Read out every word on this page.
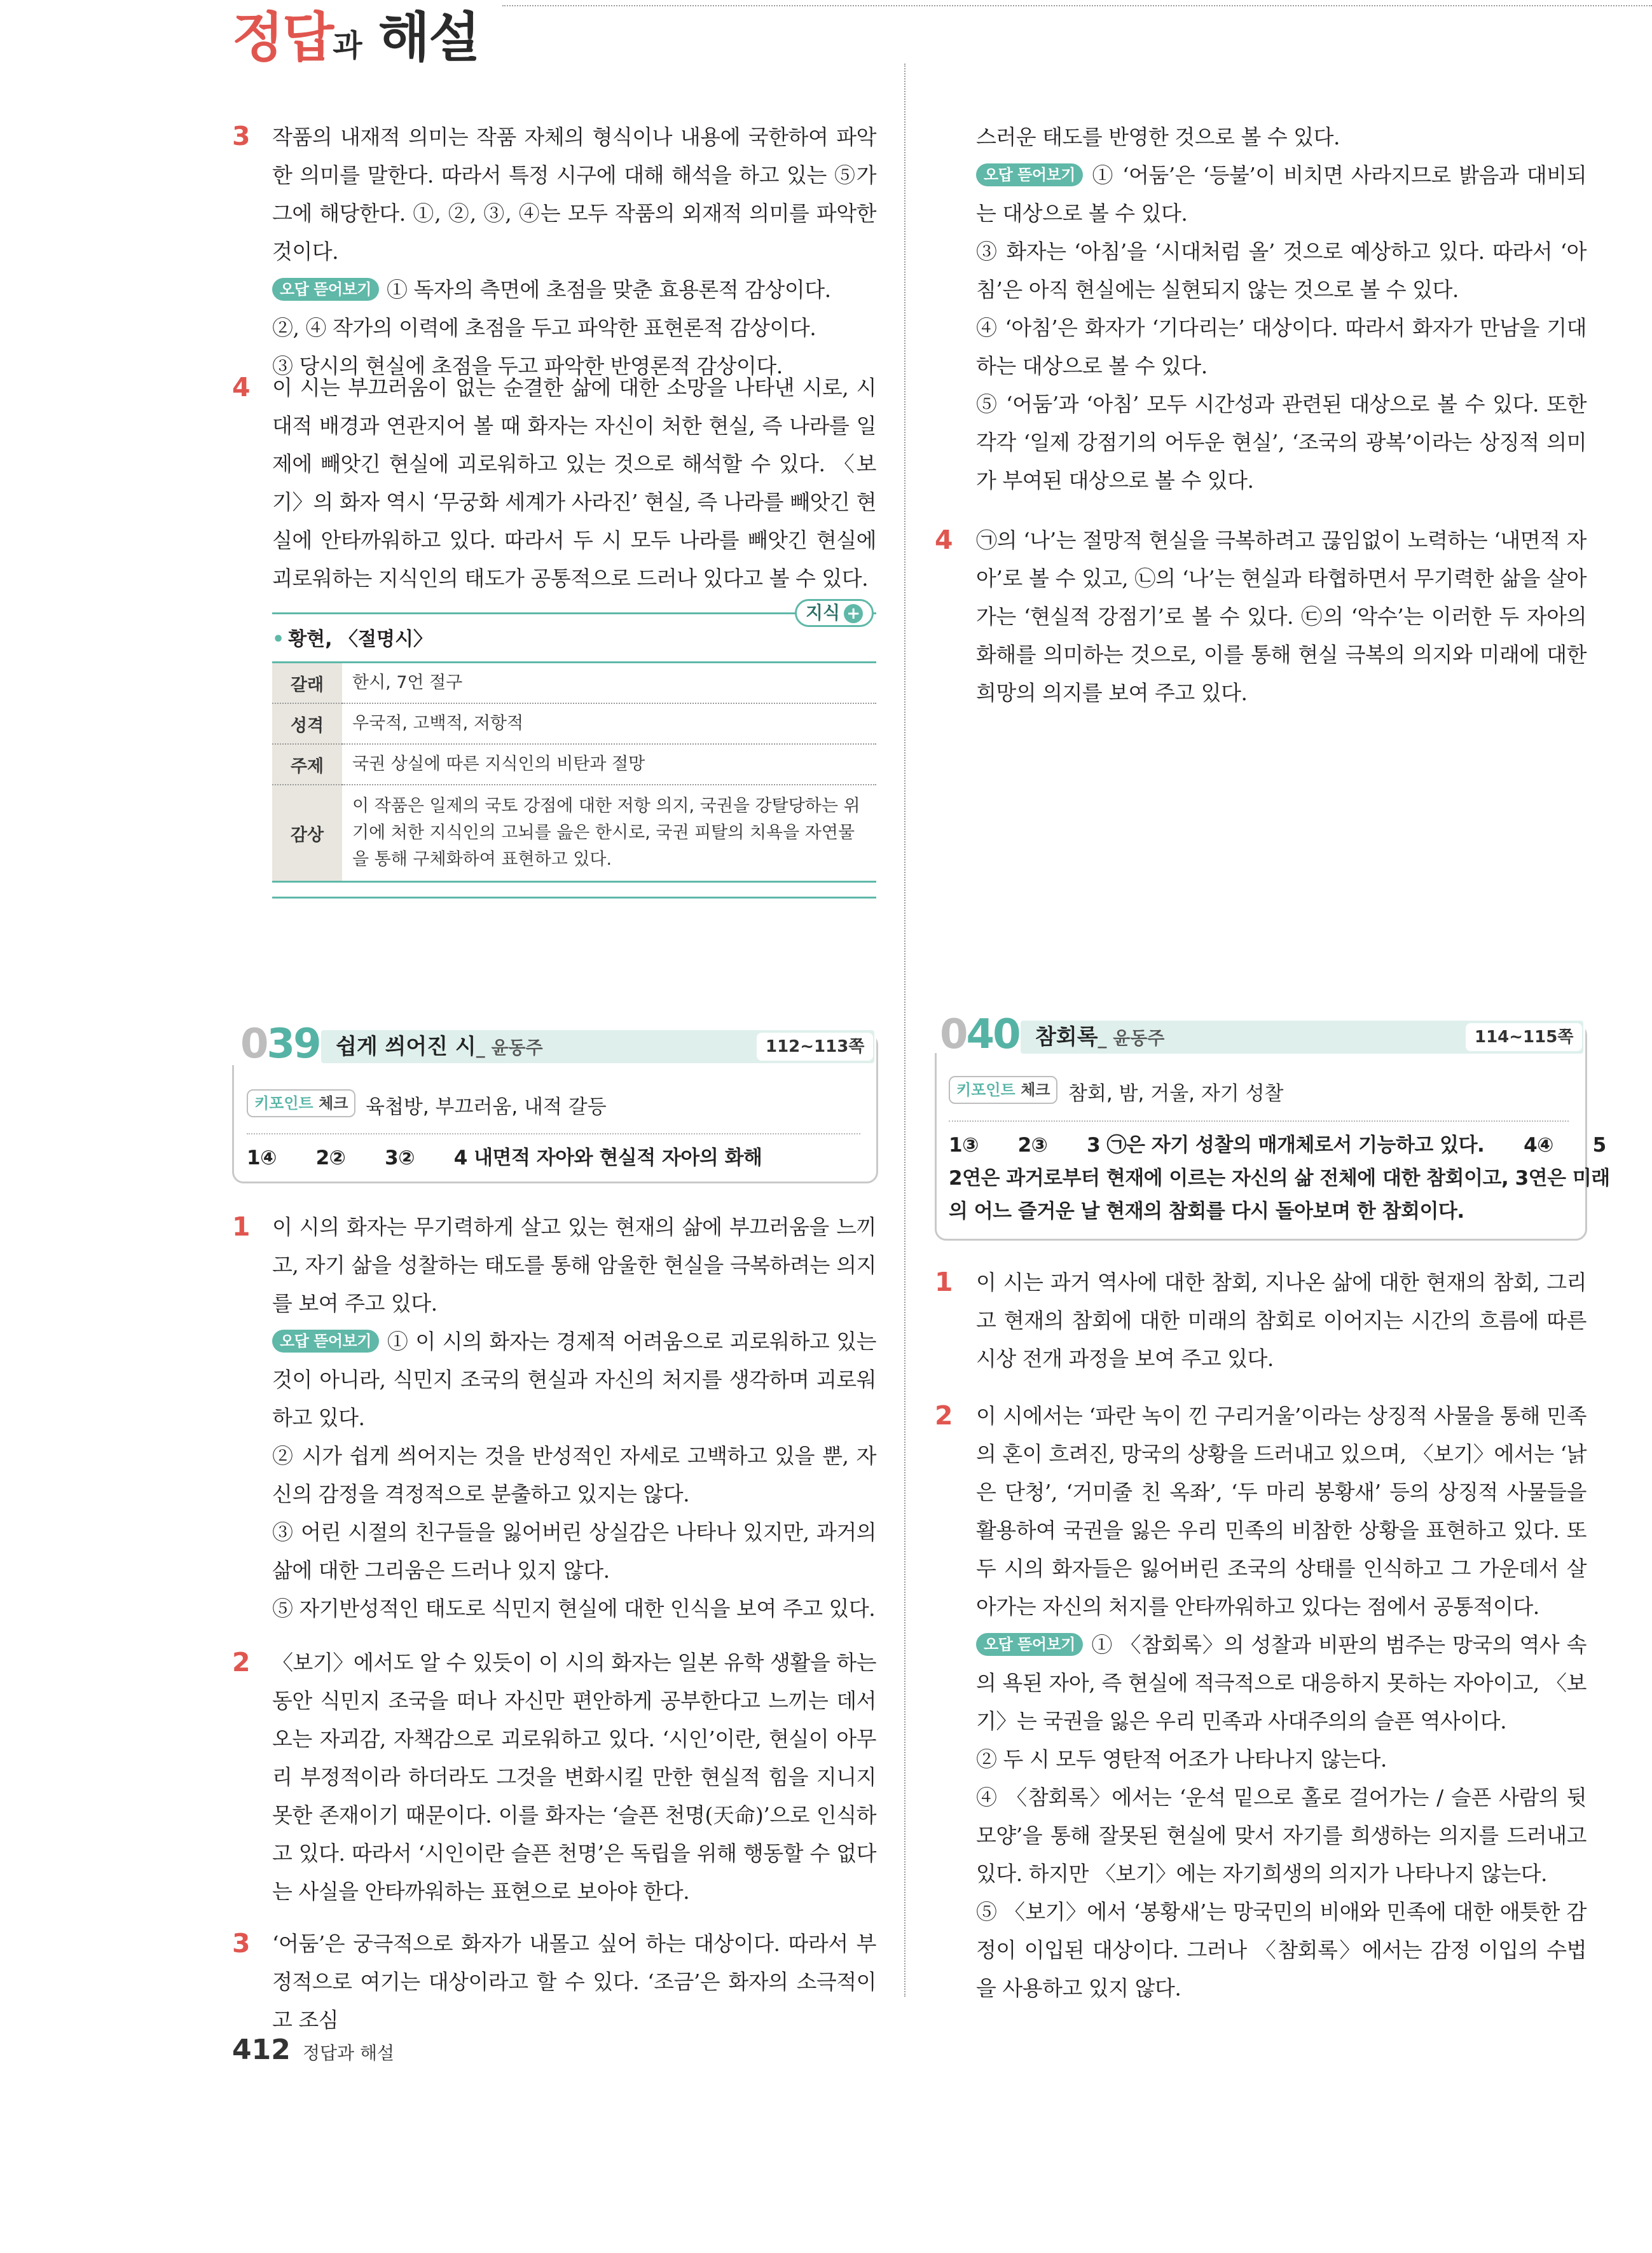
정답과 해설
3 작품의 내재적 의미는 작품 자체의 형식이나 내용에 국한하여 파악한 의미를 말한다. 따라서 특정 시구에 대해 해석을 하고 있는 ⑤가 그에 해당한다. ①, ②, ③, ④는 모두 작품의 외재적 의미를 파악한 것이다.

오답 뜯어보기 ① 독자의 측면에 초점을 맞춘 효용론적 감상이다.

②, ④ 작가의 이력에 초점을 두고 파악한 표현론적 감상이다.

③ 당시의 현실에 초점을 두고 파악한 반영론적 감상이다.

4 이 시는 부끄러움이 없는 순결한 삶에 대한 소망을 나타낸 시로, 시대적 배경과 연관지어 볼 때 화자는 자신이 처한 현실, 즉 나라를 일제에 빼앗긴 현실에 괴로워하고 있는 것으로 해석할 수 있다. 〈보기〉의 화자 역시 ‘무궁화 세계가 사라진’ 현실, 즉 나라를 빼앗긴 현실에 안타까워하고 있다. 따라서 두 시 모두 나라를 빼앗긴 현실에 괴로워하는 지식인의 태도가 공통적으로 드러나 있다고 볼 수 있다.

지식 +
• 황현, 〈절명시〉
갈래	한시, 7언 절구
성격	우국적, 고백적, 저항적
주제	국권 상실에 따른 지식인의 비탄과 절망
감상	이 작품은 일제의 국토 강점에 대한 저항 의지, 국권을 강탈당하는 위기에 처한 지식인의 고뇌를 읊은 한시로, 국권 피탈의 치욕을 자연물을 통해 구체화하여 표현하고 있다.

스러운 태도를 반영한 것으로 볼 수 있다.

오답 뜯어보기 ① ‘어둠’은 ‘등불’이 비치면 사라지므로 밝음과 대비되는 대상으로 볼 수 있다.

③ 화자는 ‘아침’을 ‘시대처럼 올’ 것으로 예상하고 있다. 따라서 ‘아침’은 아직 현실에는 실현되지 않는 것으로 볼 수 있다.

④ ‘아침’은 화자가 ‘기다리는’ 대상이다. 따라서 화자가 만남을 기대하는 대상으로 볼 수 있다.

⑤ ‘어둠’과 ‘아침’ 모두 시간성과 관련된 대상으로 볼 수 있다. 또한 각각 ‘일제 강점기의 어두운 현실’, ‘조국의 광복’이라는 상징적 의미가 부여된 대상으로 볼 수 있다.

4 ㉠의 ‘나’는 절망적 현실을 극복하려고 끊임없이 노력하는 ‘내면적 자아’로 볼 수 있고, ㉡의 ‘나’는 현실과 타협하면서 무기력한 삶을 살아가는 ‘현실적 강점기’로 볼 수 있다. ㉢의 ‘악수’는 이러한 두 자아의 화해를 의미하는 것으로, 이를 통해 현실 극복의 의지와 미래에 대한 희망의 의지를 보여 주고 있다.

039 쉽게 씌어진 시_ 윤동주	112~113쪽
키포인트 체크 육첩방, 부끄러움, 내적 갈등
1④      2②      3②      4 내면적 자아와 현실적 자아의 화해
1 이 시의 화자는 무기력하게 살고 있는 현재의 삶에 부끄러움을 느끼고, 자기 삶을 성찰하는 태도를 통해 암울한 현실을 극복하려는 의지를 보여 주고 있다.

오답 뜯어보기 ① 이 시의 화자는 경제적 어려움으로 괴로워하고 있는 것이 아니라, 식민지 조국의 현실과 자신의 처지를 생각하며 괴로워하고 있다.

② 시가 쉽게 씌어지는 것을 반성적인 자세로 고백하고 있을 뿐, 자신의 감정을 격정적으로 분출하고 있지는 않다.

③ 어린 시절의 친구들을 잃어버린 상실감은 나타나 있지만, 과거의 삶에 대한 그리움은 드러나 있지 않다.

⑤ 자기반성적인 태도로 식민지 현실에 대한 인식을 보여 주고 있다.

2 〈보기〉에서도 알 수 있듯이 이 시의 화자는 일본 유학 생활을 하는 동안 식민지 조국을 떠나 자신만 편안하게 공부한다고 느끼는 데서 오는 자괴감, 자책감으로 괴로워하고 있다. ‘시인’이란, 현실이 아무리 부정적이라 하더라도 그것을 변화시킬 만한 현실적 힘을 지니지 못한 존재이기 때문이다. 이를 화자는 ‘슬픈 천명(天命)’으로 인식하고 있다. 따라서 ‘시인이란 슬픈 천명’은 독립을 위해 행동할 수 없다는 사실을 안타까워하는 표현으로 보아야 한다.

3 ‘어둠’은 궁극적으로 화자가 내몰고 싶어 하는 대상이다. 따라서 부정적으로 여기는 대상이라고 할 수 있다. ‘조금’은 화자의 소극적이고 조심

040 참회록_ 윤동주	114~115쪽
키포인트 체크 참회, 밤, 거울, 자기 성찰
1③      2③      3 ㉠은 자기 성찰의 매개체로서 기능하고 있다.      4④      5
2연은 과거로부터 현재에 이르는 자신의 삶 전체에 대한 참회이고, 3연은 미래
의 어느 즐거운 날 현재의 참회를 다시 돌아보며 한 참회이다.
1 이 시는 과거 역사에 대한 참회, 지나온 삶에 대한 현재의 참회, 그리고 현재의 참회에 대한 미래의 참회로 이어지는 시간의 흐름에 따른 시상 전개 과정을 보여 주고 있다.

2 이 시에서는 ‘파란 녹이 낀 구리거울’이라는 상징적 사물을 통해 민족의 혼이 흐려진, 망국의 상황을 드러내고 있으며, 〈보기〉에서는 ‘낡은 단청’, ‘거미줄 친 옥좌’, ‘두 마리 봉황새’ 등의 상징적 사물들을 활용하여 국권을 잃은 우리 민족의 비참한 상황을 표현하고 있다. 또 두 시의 화자들은 잃어버린 조국의 상태를 인식하고 그 가운데서 살아가는 자신의 처지를 안타까워하고 있다는 점에서 공통적이다.

오답 뜯어보기 ① 〈참회록〉의 성찰과 비판의 범주는 망국의 역사 속의 욕된 자아, 즉 현실에 적극적으로 대응하지 못하는 자아이고, 〈보기〉는 국권을 잃은 우리 민족과 사대주의의 슬픈 역사이다.

② 두 시 모두 영탄적 어조가 나타나지 않는다.

④ 〈참회록〉에서는 ‘운석 밑으로 홀로 걸어가는 / 슬픈 사람의 뒷모양’을 통해 잘못된 현실에 맞서 자기를 희생하는 의지를 드러내고 있다. 하지만 〈보기〉에는 자기희생의 의지가 나타나지 않는다.

⑤ 〈보기〉에서 ‘봉황새’는 망국민의 비애와 민족에 대한 애틋한 감정이 이입된 대상이다. 그러나 〈참회록〉에서는 감정 이입의 수법을 사용하고 있지 않다.

412 정답과 해설
